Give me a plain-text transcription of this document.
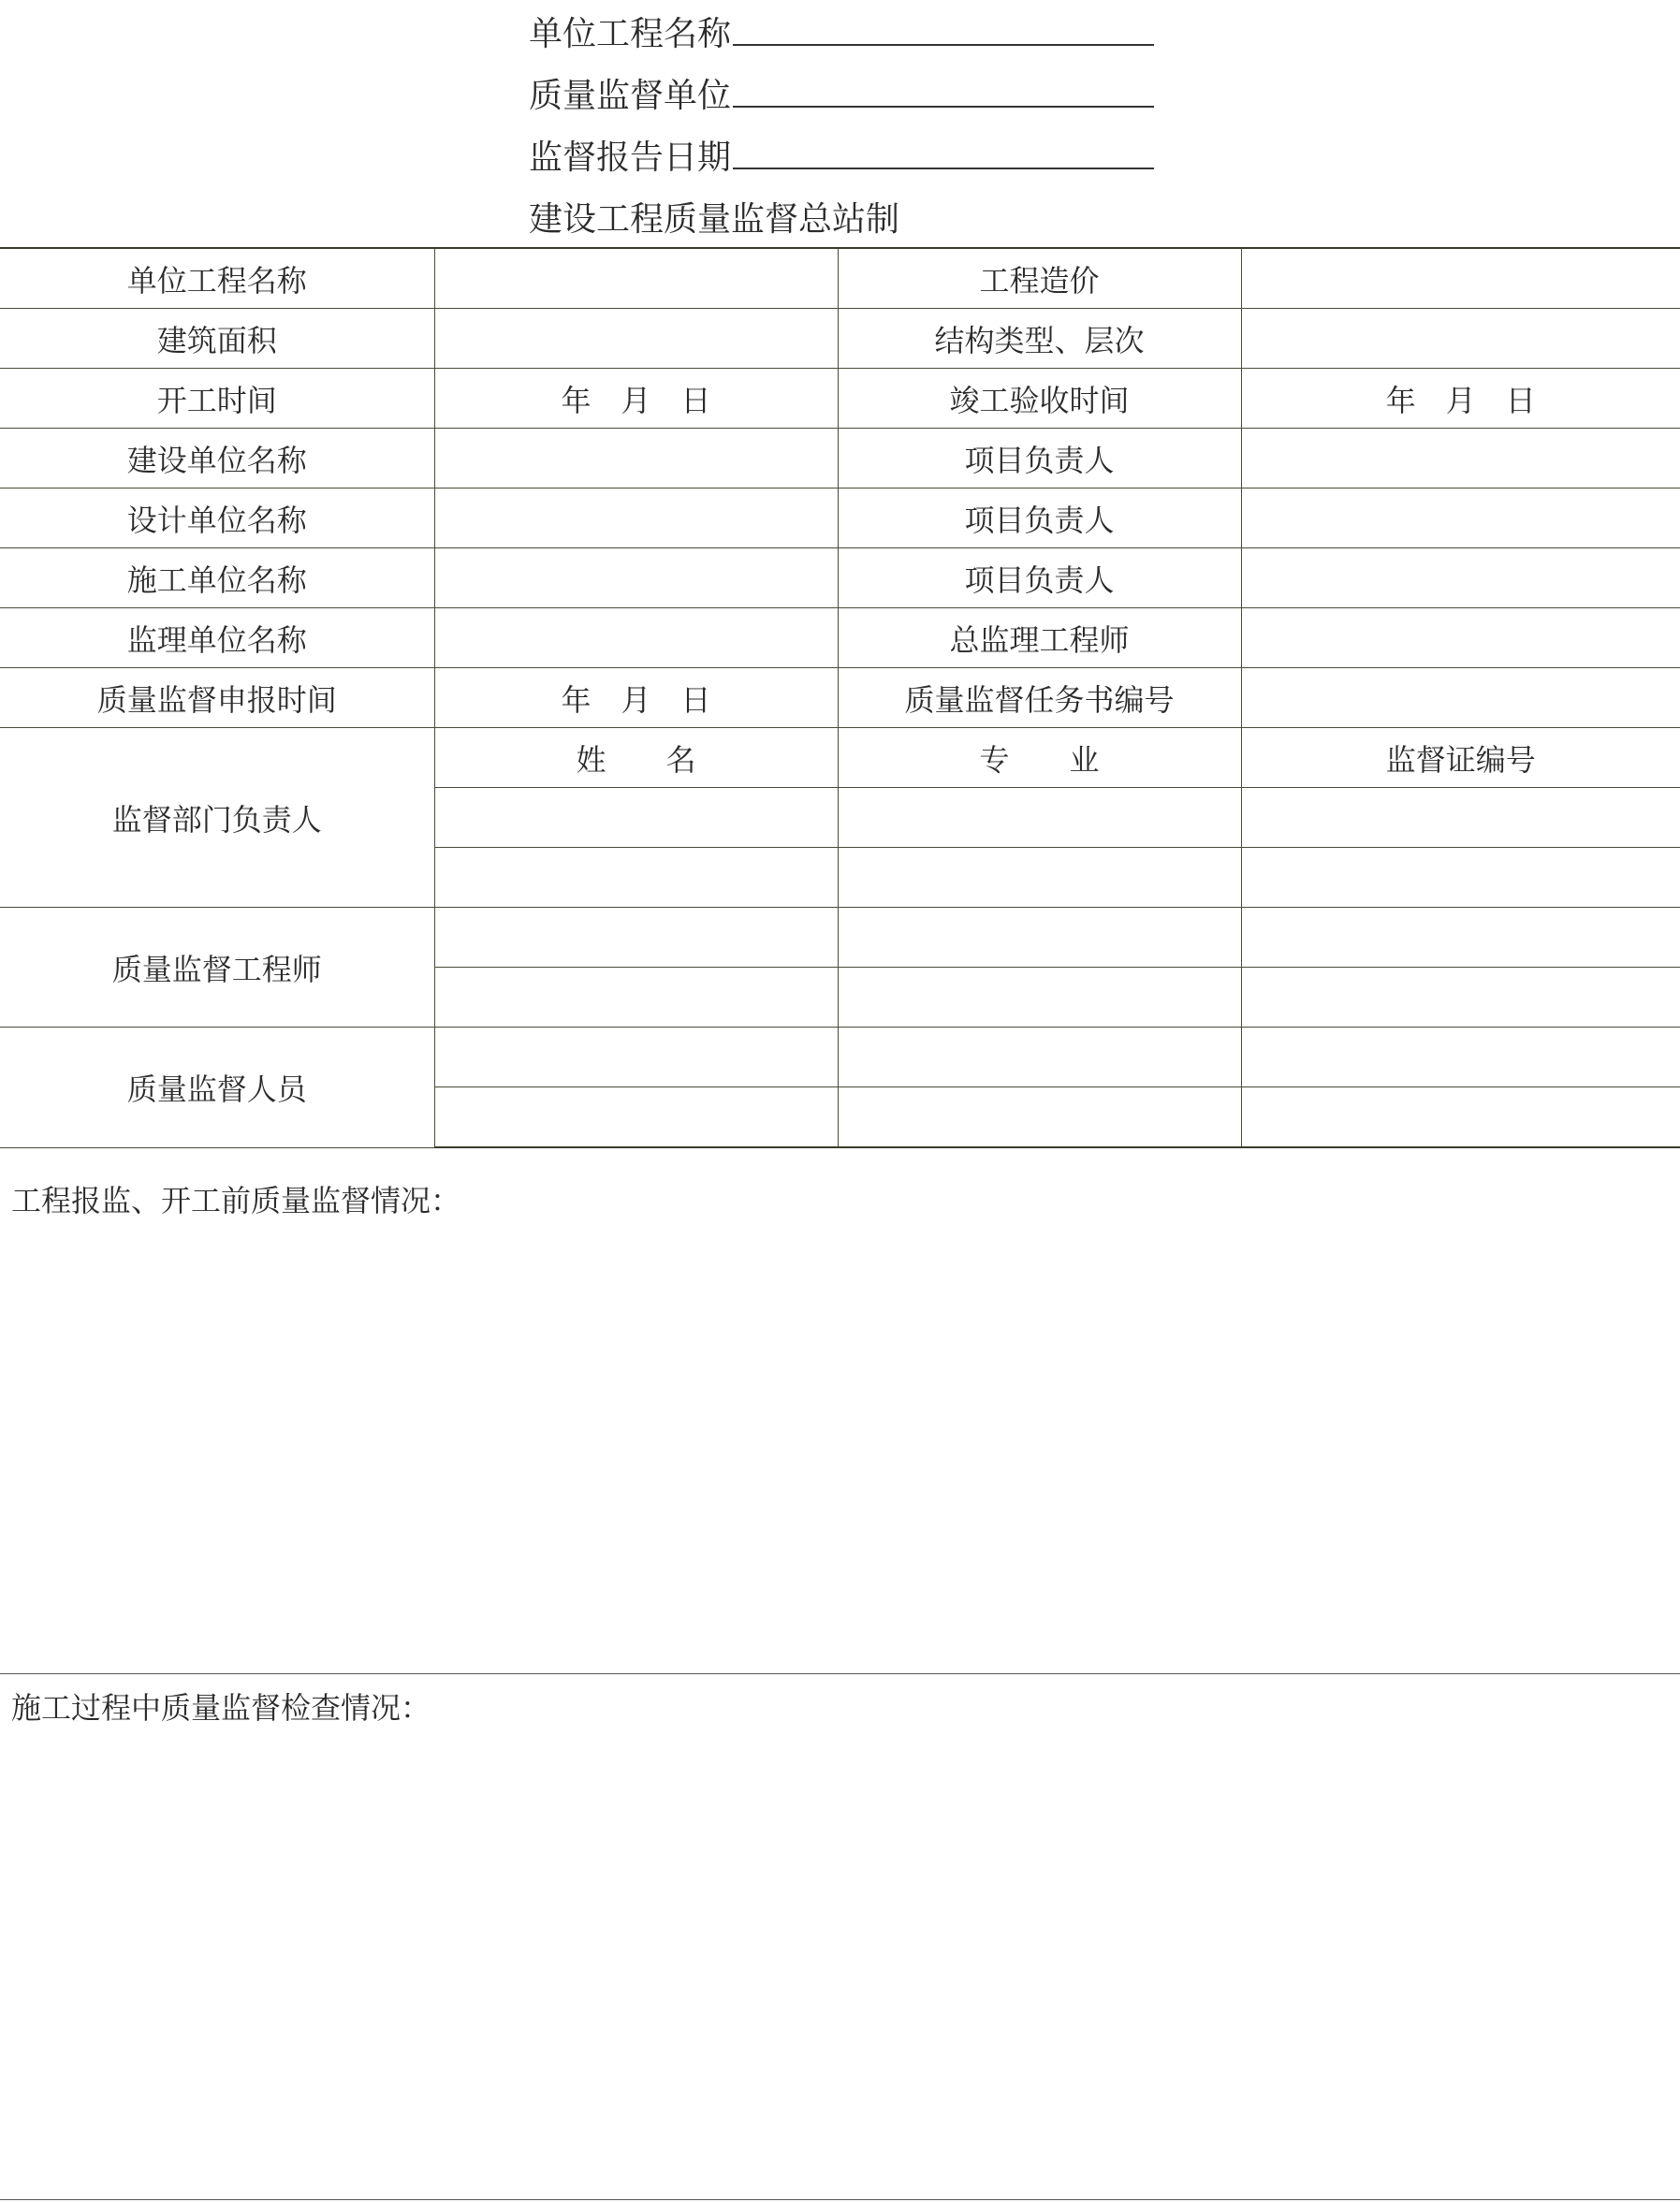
单位工程名称
质量监督单位
监督报告日期
建设工程质量监督总站制
单位工程名称		工程造价	
建筑面积		结构类型、层次	
开工时间	年 月 日	竣工验收时间	年 月 日
建设单位名称		项目负责人	
设计单位名称		项目负责人	
施工单位名称		项目负责人	
监理单位名称		总监理工程师	
质量监督申报时间	年 月 日	质量监督任务书编号	
监督部门负责人	姓　　名	专　　业	监督证编号

质量监督工程师			

质量监督人员			

工程报监、开工前质量监督情况：
施工过程中质量监督检查情况：
